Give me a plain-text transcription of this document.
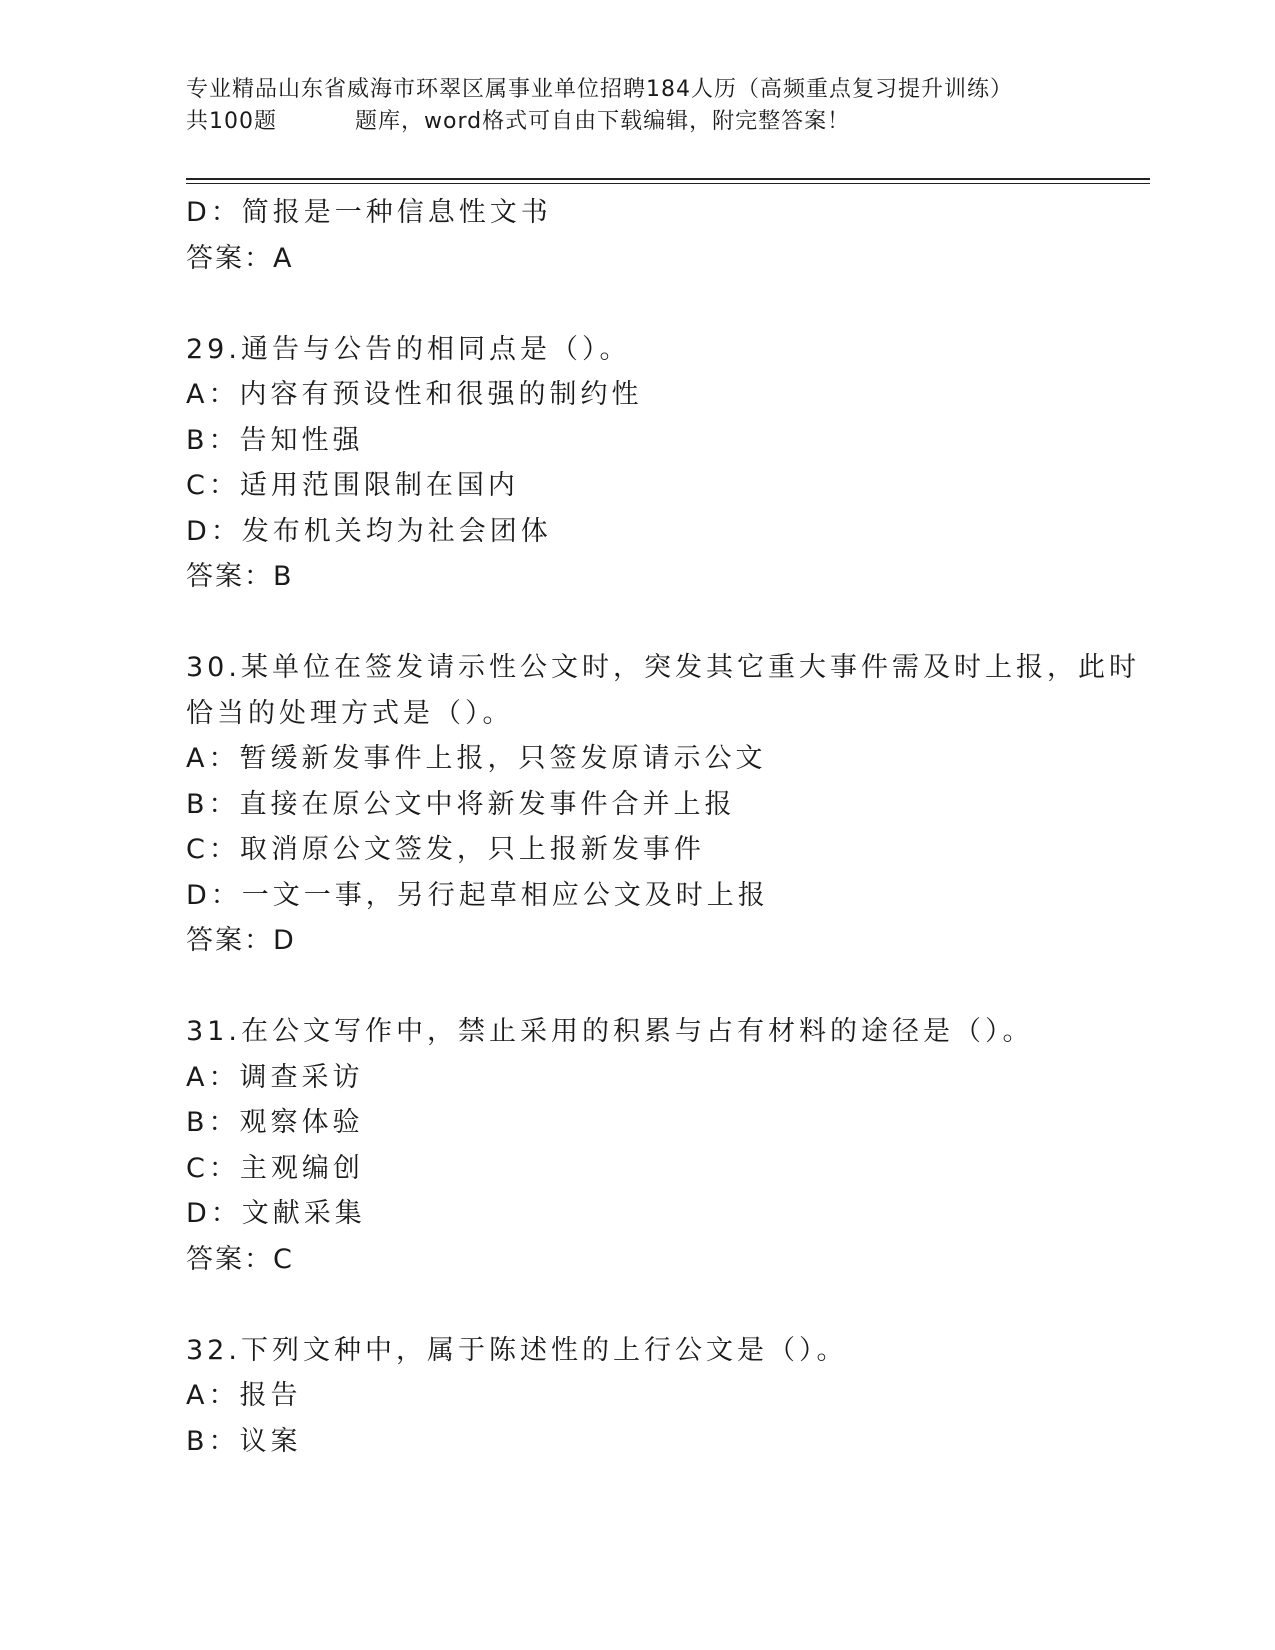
专业精品山东省威海市环翠区属事业单位招聘184人历（高频重点复习提升训练）
共100题	题库，word格式可自由下载编辑，附完整答案！
D：简报是一种信息性文书
答案：A
29.通告与公告的相同点是（）。
A：内容有预设性和很强的制约性
B：告知性强
C：适用范围限制在国内
D：发布机关均为社会团体
答案：B
30.某单位在签发请示性公文时，突发其它重大事件需及时上报，此时
恰当的处理方式是（）。
A：暂缓新发事件上报，只签发原请示公文
B：直接在原公文中将新发事件合并上报
C：取消原公文签发，只上报新发事件
D：一文一事，另行起草相应公文及时上报
答案：D
31.在公文写作中，禁止采用的积累与占有材料的途径是（）。
A：调查采访
B：观察体验
C：主观编创
D：文献采集
答案：C
32.下列文种中，属于陈述性的上行公文是（）。
A：报告
B：议案
